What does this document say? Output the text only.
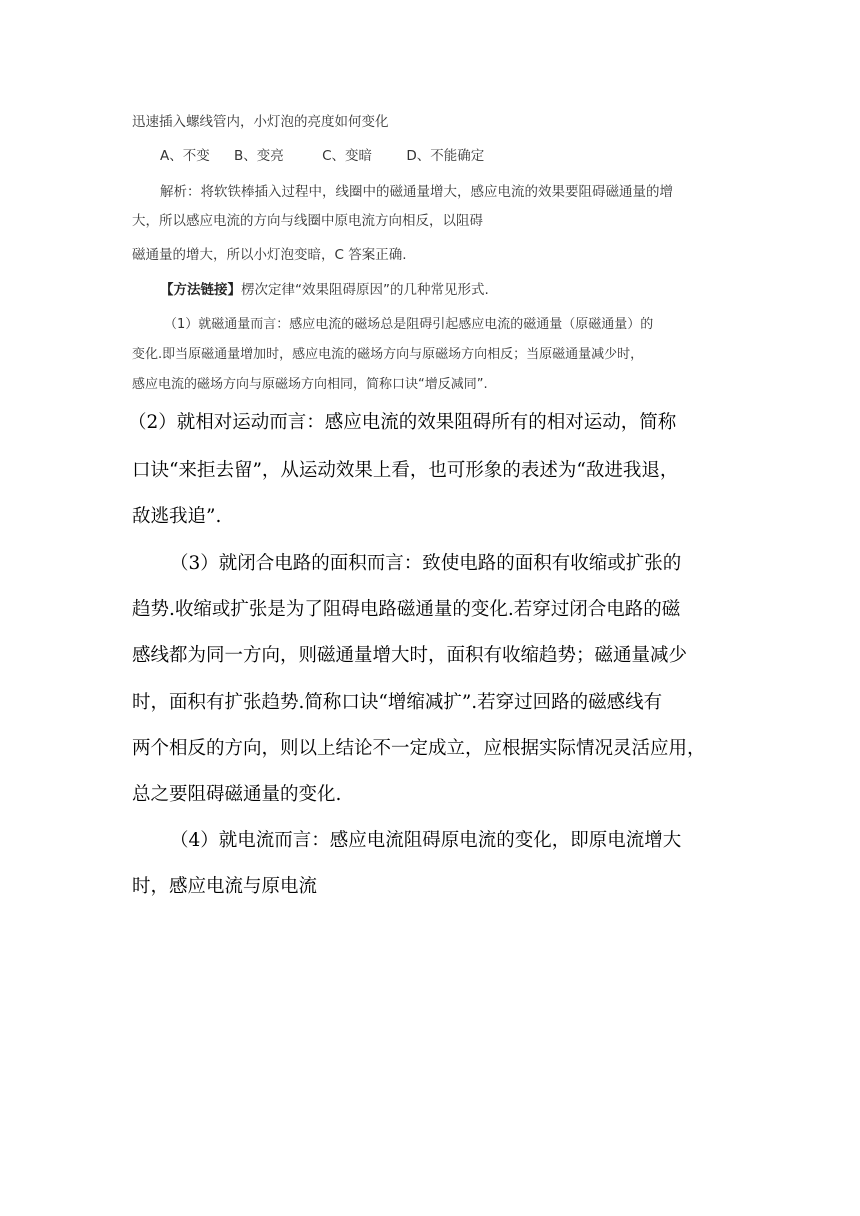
迅速插入螺线管内，小灯泡的亮度如何变化
A、不变 B、变亮	C、变暗	D、不能确定
解析：将软铁棒插入过程中，线圈中的磁通量增大，感应电流的效果要阻碍磁通量的增
大，所以感应电流的方向与线圈中原电流方向相反，以阻碍
磁通量的增大，所以小灯泡变暗，C 答案正确.
【方法链接】楞次定律“效果阻碍原因”的几种常见形式.
（1）就磁通量而言：感应电流的磁场总是阻碍引起感应电流的磁通量（原磁通量）的
变化.即当原磁通量增加时，感应电流的磁场方向与原磁场方向相反；当原磁通量减少时，
感应电流的磁场方向与原磁场方向相同，简称口诀“增反减同”.
（2）就相对运动而言：感应电流的效果阻碍所有的相对运动，简称
口诀“来拒去留”，从运动效果上看，也可形象的表述为“敌进我退，
敌逃我追”.
（3）就闭合电路的面积而言：致使电路的面积有收缩或扩张的
趋势.收缩或扩张是为了阻碍电路磁通量的变化.若穿过闭合电路的磁
感线都为同一方向，则磁通量增大时，面积有收缩趋势；磁通量减少
时，面积有扩张趋势.简称口诀“增缩减扩”.若穿过回路的磁感线有
两个相反的方向，则以上结论不一定成立，应根据实际情况灵活应用，
总之要阻碍磁通量的变化.
（4）就电流而言：感应电流阻碍原电流的变化，即原电流增大
时，感应电流与原电流
